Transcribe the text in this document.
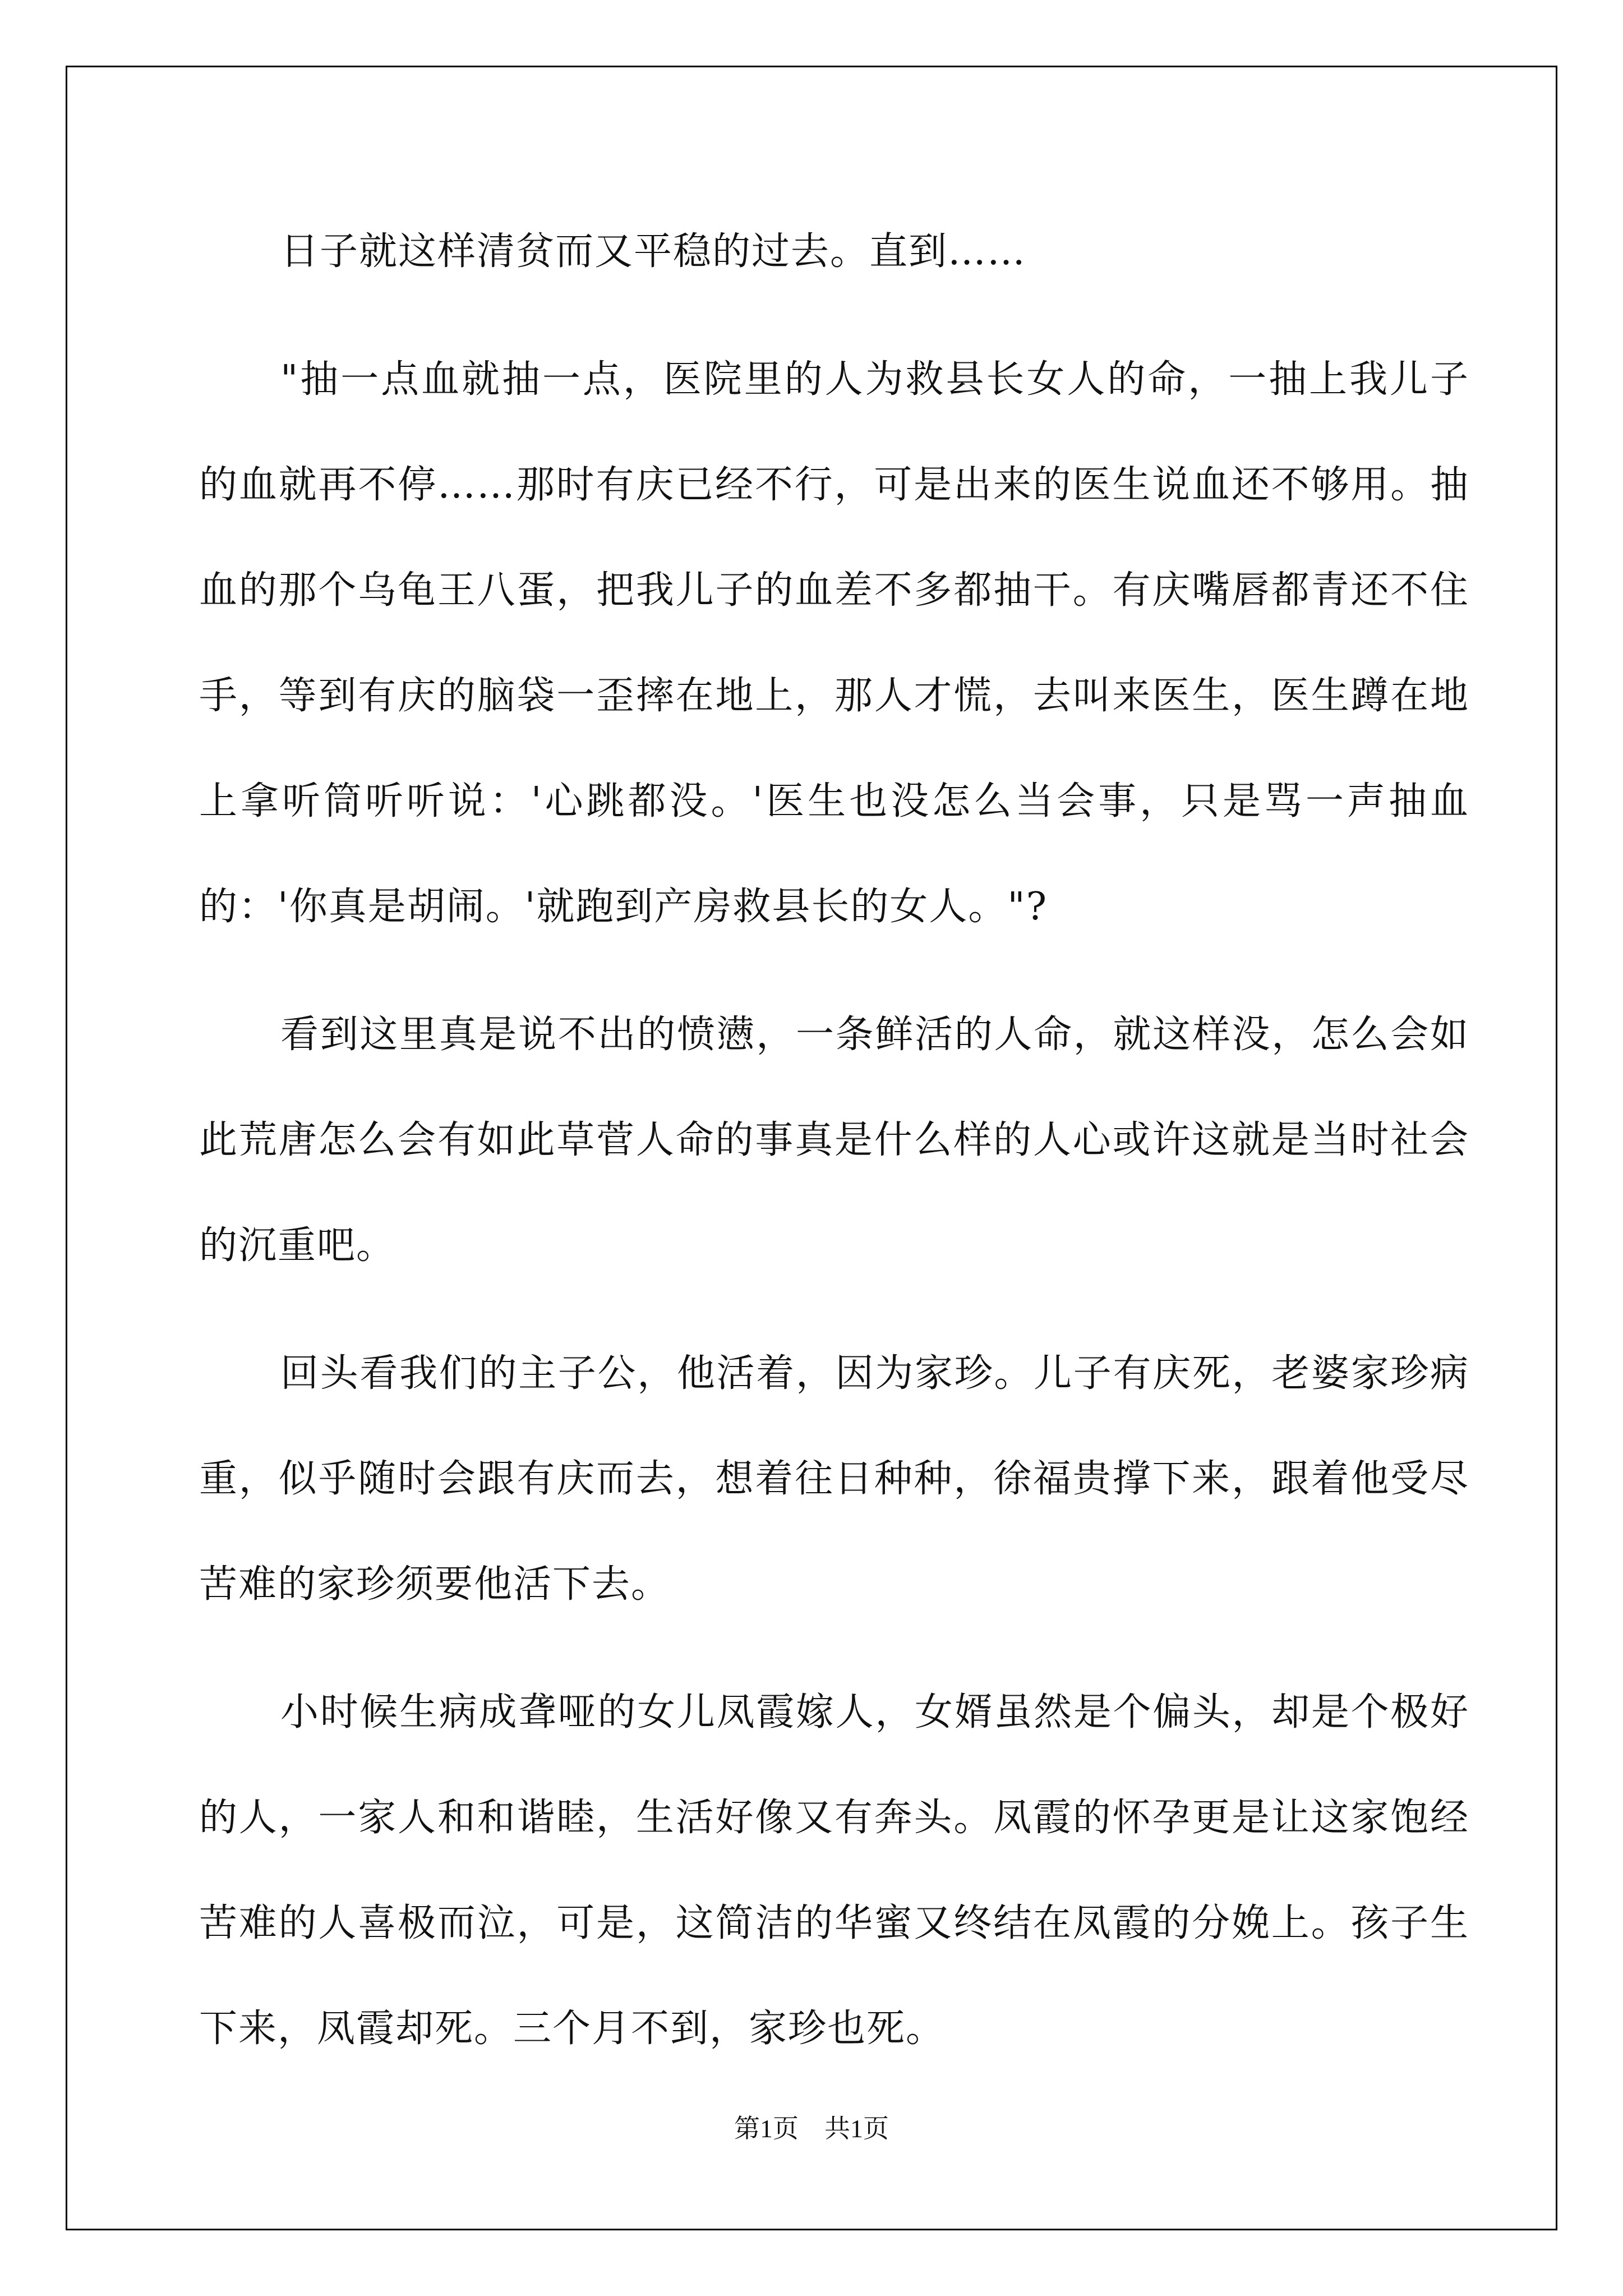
日子就这样清贫而又平稳的过去。直到……

"抽一点血就抽一点，医院里的人为救县长女人的命，一抽上我儿子的血就再不停……那时有庆已经不行，可是出来的医生说血还不够用。抽血的那个乌龟王八蛋，把我儿子的血差不多都抽干。有庆嘴唇都青还不住手，等到有庆的脑袋一歪摔在地上，那人才慌，去叫来医生，医生蹲在地上拿听筒听听说：'心跳都没。'医生也没怎么当会事，只是骂一声抽血的：'你真是胡闹。'就跑到产房救县长的女人。"?

看到这里真是说不出的愤懑，一条鲜活的人命，就这样没，怎么会如此荒唐怎么会有如此草菅人命的事真是什么样的人心或许这就是当时社会的沉重吧。

回头看我们的主子公，他活着，因为家珍。儿子有庆死，老婆家珍病重，似乎随时会跟有庆而去，想着往日种种，徐福贵撑下来，跟着他受尽苦难的家珍须要他活下去。

小时候生病成聋哑的女儿凤霞嫁人，女婿虽然是个偏头，却是个极好的人，一家人和和谐睦，生活好像又有奔头。凤霞的怀孕更是让这家饱经苦难的人喜极而泣，可是，这简洁的华蜜又终结在凤霞的分娩上。孩子生下来，凤霞却死。三个月不到，家珍也死。

第1页　共1页
